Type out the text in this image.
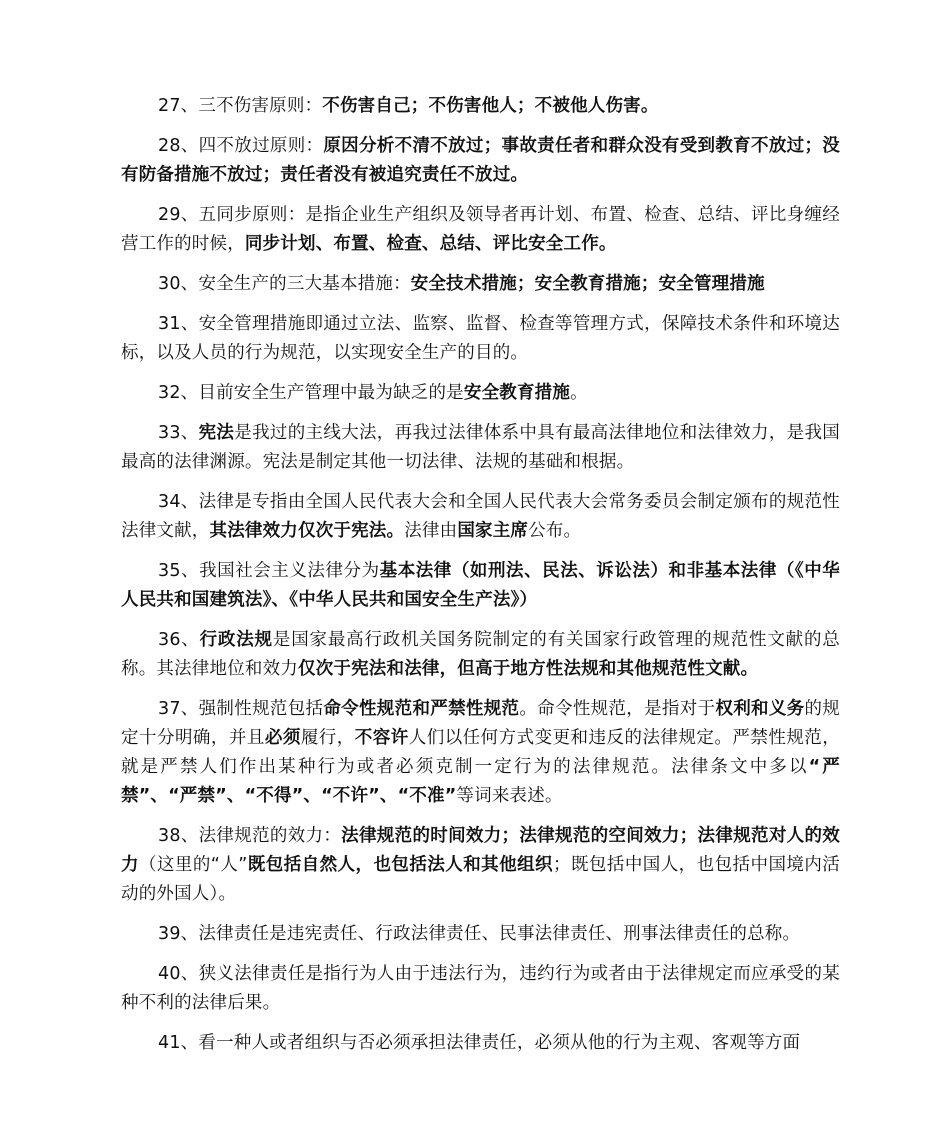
27、三不伤害原则：不伤害自己；不伤害他人；不被他人伤害。

28、四不放过原则：原因分析不清不放过；事故责任者和群众没有受到教育不放过；没有防备措施不放过；责任者没有被追究责任不放过。

29、五同步原则：是指企业生产组织及领导者再计划、布置、检查、总结、评比身缠经营工作的时候，同步计划、布置、检查、总结、评比安全工作。

30、安全生产的三大基本措施：安全技术措施；安全教育措施；安全管理措施

31、安全管理措施即通过立法、监察、监督、检查等管理方式，保障技术条件和环境达标，以及人员的行为规范，以实现安全生产的目的。

32、目前安全生产管理中最为缺乏的是安全教育措施。

33、宪法是我过的主线大法，再我过法律体系中具有最高法律地位和法律效力，是我国最高的法律渊源。宪法是制定其他一切法律、法规的基础和根据。

34、法律是专指由全国人民代表大会和全国人民代表大会常务委员会制定颁布的规范性法律文献，其法律效力仅次于宪法。法律由国家主席公布。

35、我国社会主义法律分为基本法律（如刑法、民法、诉讼法）和非基本法律（《中华人民共和国建筑法》、《中华人民共和国安全生产法》）

36、行政法规是国家最高行政机关国务院制定的有关国家行政管理的规范性文献的总称。其法律地位和效力仅次于宪法和法律，但高于地方性法规和其他规范性文献。

37、强制性规范包括命令性规范和严禁性规范。命令性规范，是指对于权利和义务的规定十分明确，并且必须履行，不容许人们以任何方式变更和违反的法律规定。严禁性规范，就是严禁人们作出某种行为或者必须克制一定行为的法律规范。法律条文中多以“严禁”、“严禁”、“不得”、“不许”、“不准”等词来表述。

38、法律规范的效力：法律规范的时间效力；法律规范的空间效力；法律规范对人的效力（这里的“人”既包括自然人，也包括法人和其他组织；既包括中国人，也包括中国境内活动的外国人）。

39、法律责任是违宪责任、行政法律责任、民事法律责任、刑事法律责任的总称。

40、狭义法律责任是指行为人由于违法行为，违约行为或者由于法律规定而应承受的某种不利的法律后果。

41、看一种人或者组织与否必须承担法律责任，必须从他的行为主观、客观等方面
